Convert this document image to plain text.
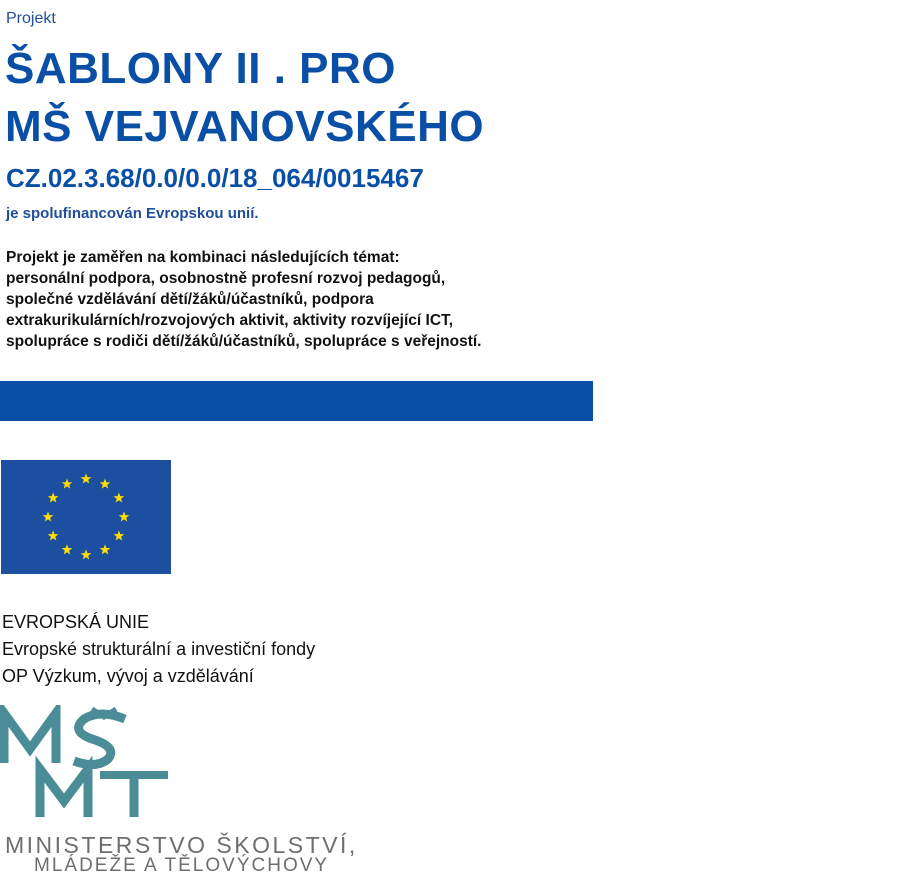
Projekt
ŠABLONY II . PRO
MŠ VEJVANOVSKÉHO
CZ.02.3.68/0.0/0.0/18_064/0015467
je spolufinancován Evropskou unií.
Projekt je zaměřen na kombinaci následujících témat:
personální podpora, osobnostně profesní rozvoj pedagogů,
společné vzdělávání dětí/žáků/účastníků, podpora
extrakurikulárních/rozvojových aktivit, aktivity rozvíjející ICT,
spolupráce s rodiči dětí/žáků/účastníků, spolupráce s veřejností.
EVROPSKÁ UNIE
Evropské strukturální a investiční fondy
OP Výzkum, vývoj a vzdělávání
MINISTERSTVO ŠKOLSTVÍ,
MLÁDEŽE A TĚLOVÝCHOVY
